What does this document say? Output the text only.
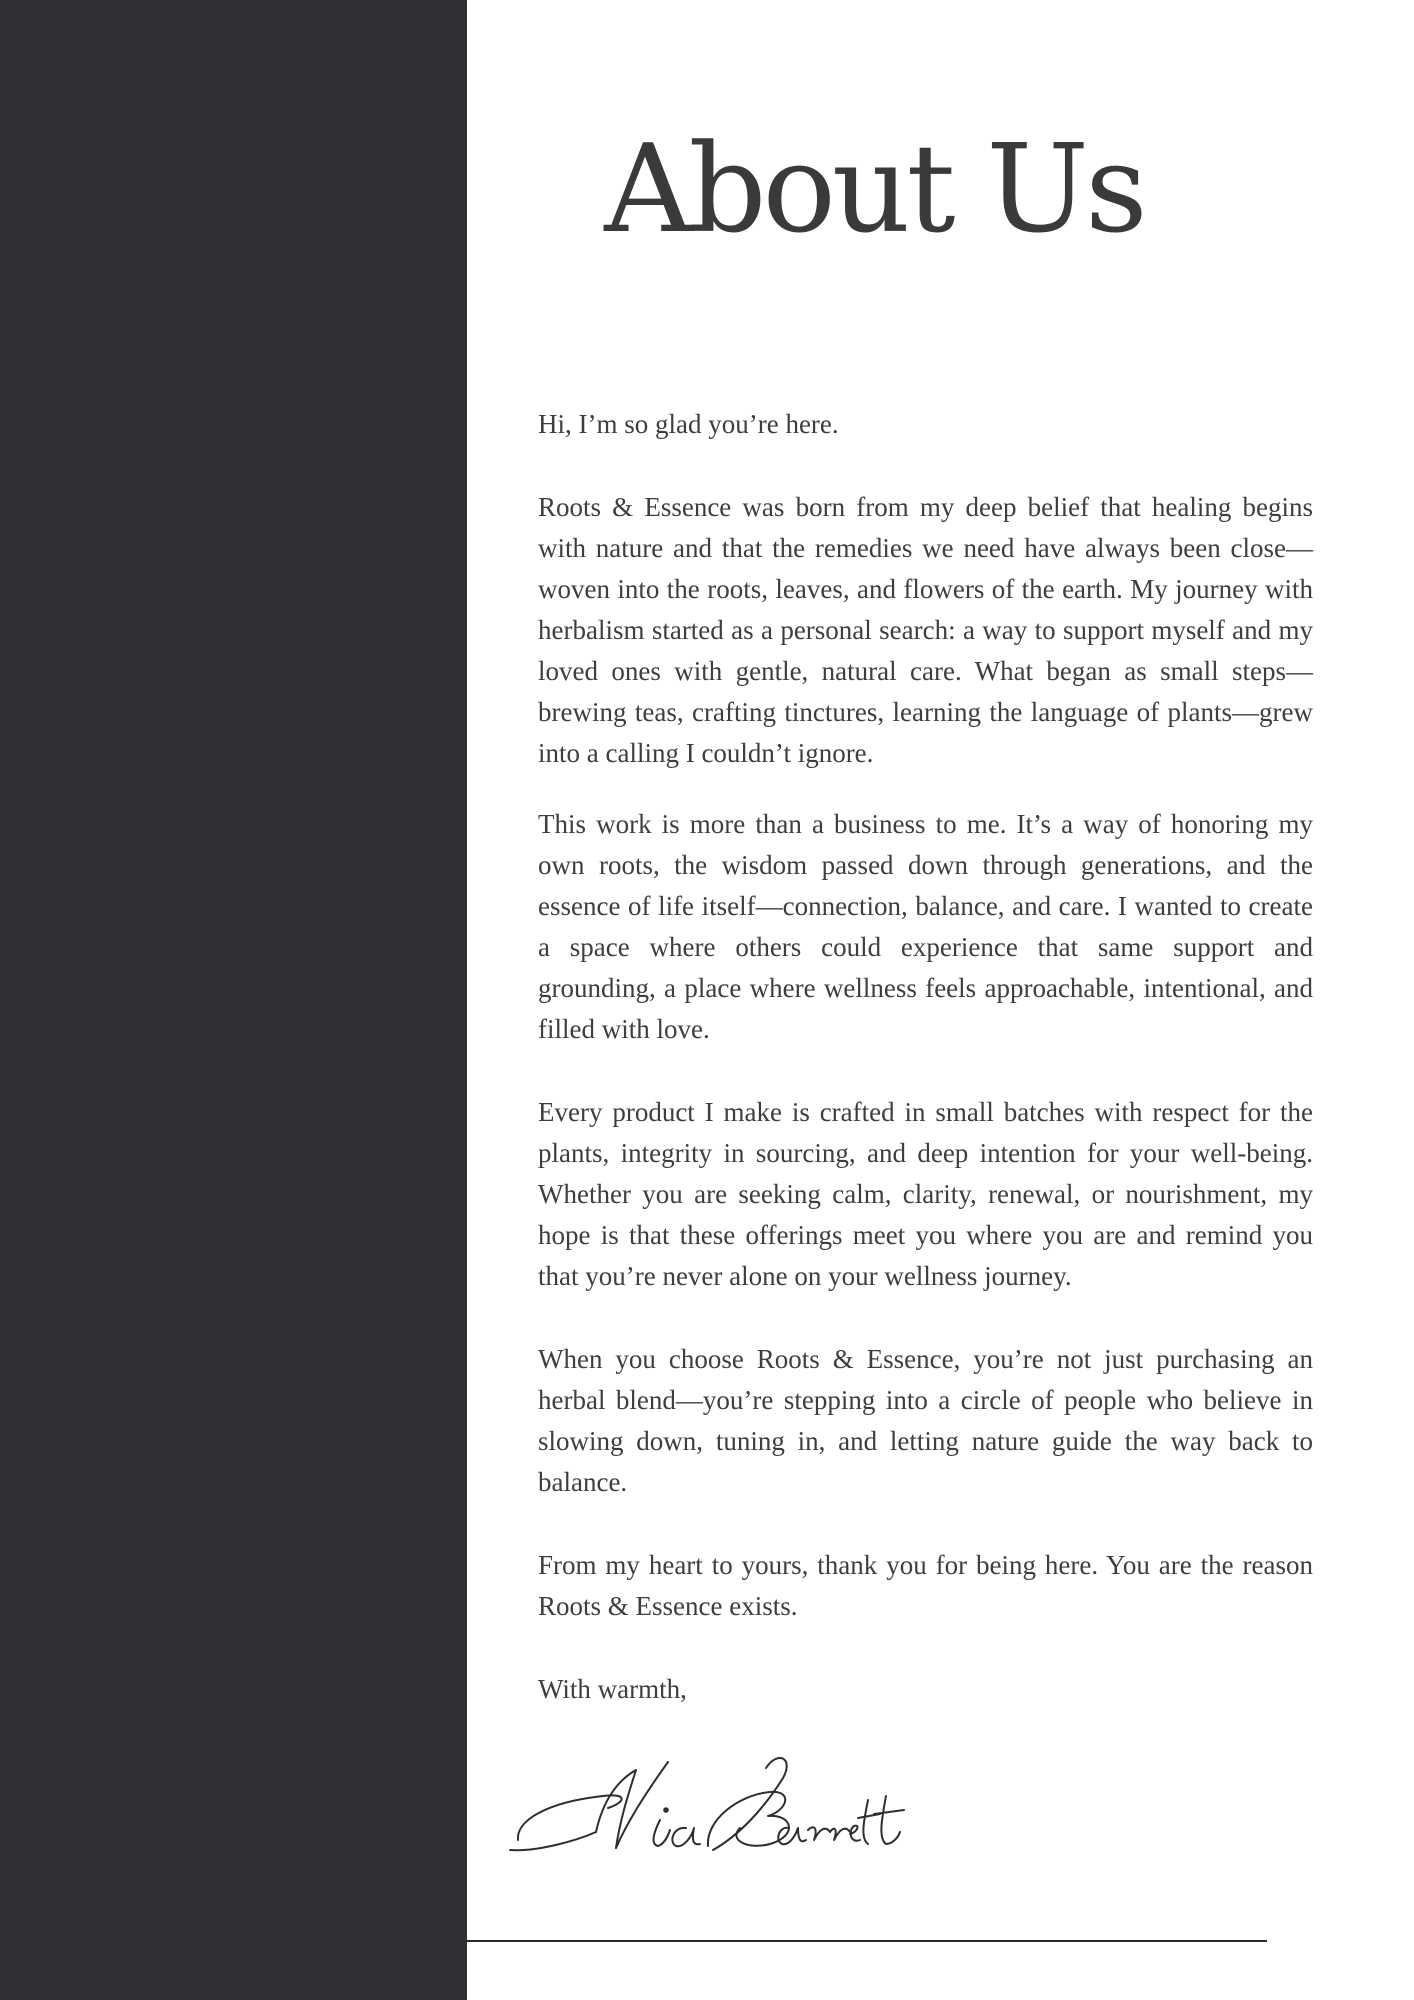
About Us

Hi, I’m so glad you’re here.

Roots & Essence was born from my deep belief that healing begins with nature and that the remedies we need have always been close—woven into the roots, leaves, and flowers of the earth. My journey with herbalism started as a personal search: a way to support myself and my loved ones with gentle, natural care. What began as small steps—brewing teas, crafting tinctures, learning the language of plants—grew into a calling I couldn’t ignore.

This work is more than a business to me. It’s a way of honoring my own roots, the wisdom passed down through generations, and the essence of life itself—connection, balance, and care. I wanted to create a space where others could experience that same support and grounding, a place where wellness feels approachable, intentional, and filled with love.

Every product I make is crafted in small batches with respect for the plants, integrity in sourcing, and deep intention for your well-being. Whether you are seeking calm, clarity, renewal, or nourishment, my hope is that these offerings meet you where you are and remind you that you’re never alone on your wellness journey.

When you choose Roots & Essence, you’re not just purchasing an herbal blend—you’re stepping into a circle of people who believe in slowing down, tuning in, and letting nature guide the way back to balance.

From my heart to yours, thank you for being here. You are the reason Roots & Essence exists.

With warmth,
